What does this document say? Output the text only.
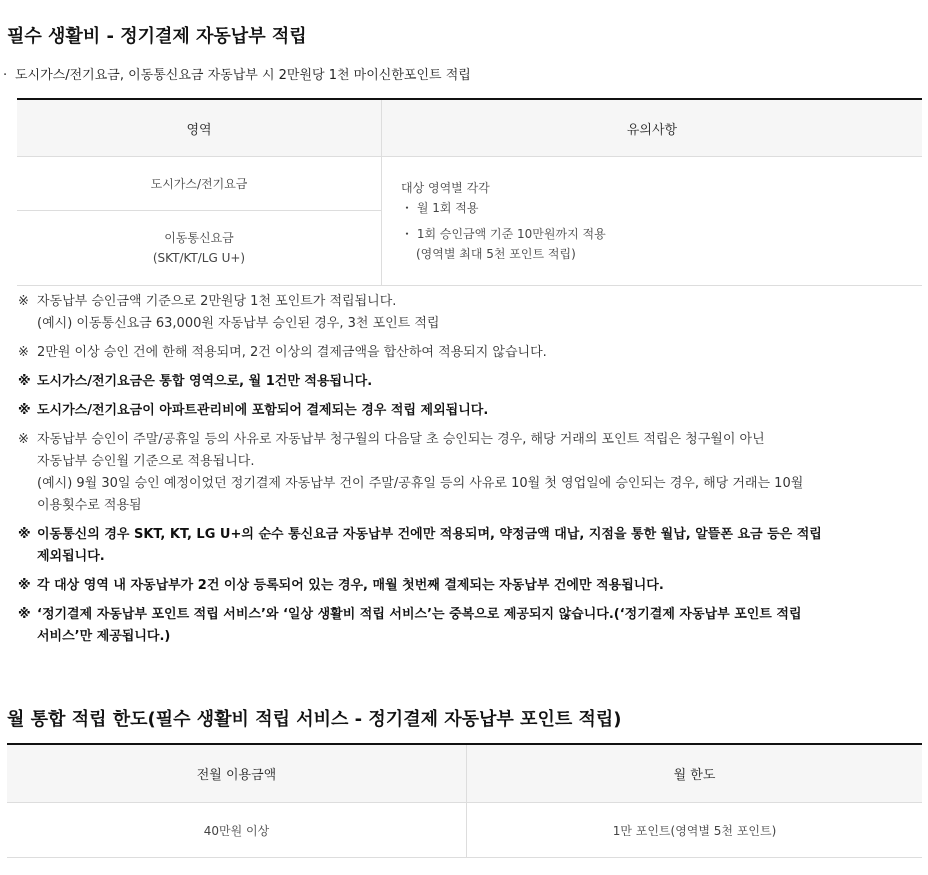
필수 생활비 - 정기결제 자동납부 적립
· 도시가스/전기요금, 이동통신요금 자동납부 시 2만원당 1천 마이신한포인트 적립
영역	유의사항
도시가스/전기요금	대상 영역별 각각
・ 월 1회 적용
・ 1회 승인금액 기준 10만원까지 적용
(영역별 최대 5천 포인트 적립)

이동통신요금
(SKT/KT/LG U+)	
※ 자동납부 승인금액 기준으로 2만원당 1천 포인트가 적립됩니다.
(예시) 이동통신요금 63,000원 자동납부 승인된 경우, 3천 포인트 적립
※ 2만원 이상 승인 건에 한해 적용되며, 2건 이상의 결제금액을 합산하여 적용되지 않습니다.
※ 도시가스/전기요금은 통합 영역으로, 월 1건만 적용됩니다.
※ 도시가스/전기요금이 아파트관리비에 포함되어 결제되는 경우 적립 제외됩니다.
※ 자동납부 승인이 주말/공휴일 등의 사유로 자동납부 청구월의 다음달 초 승인되는 경우, 해당 거래의 포인트 적립은 청구월이 아닌
자동납부 승인월 기준으로 적용됩니다.
(예시) 9월 30일 승인 예정이었던 정기결제 자동납부 건이 주말/공휴일 등의 사유로 10월 첫 영업일에 승인되는 경우, 해당 거래는 10월
이용횟수로 적용됨
※ 이동통신의 경우 SKT, KT, LG U+의 순수 통신요금 자동납부 건에만 적용되며, 약정금액 대납, 지점을 통한 월납, 알뜰폰 요금 등은 적립
제외됩니다.
※ 각 대상 영역 내 자동납부가 2건 이상 등록되어 있는 경우, 매월 첫번째 결제되는 자동납부 건에만 적용됩니다.
※ ‘정기결제 자동납부 포인트 적립 서비스’와 ‘일상 생활비 적립 서비스’는 중복으로 제공되지 않습니다.(‘정기결제 자동납부 포인트 적립
서비스’만 제공됩니다.)
월 통합 적립 한도(필수 생활비 적립 서비스 - 정기결제 자동납부 포인트 적립)
전월 이용금액	월 한도
40만원 이상	1만 포인트(영역별 5천 포인트)
